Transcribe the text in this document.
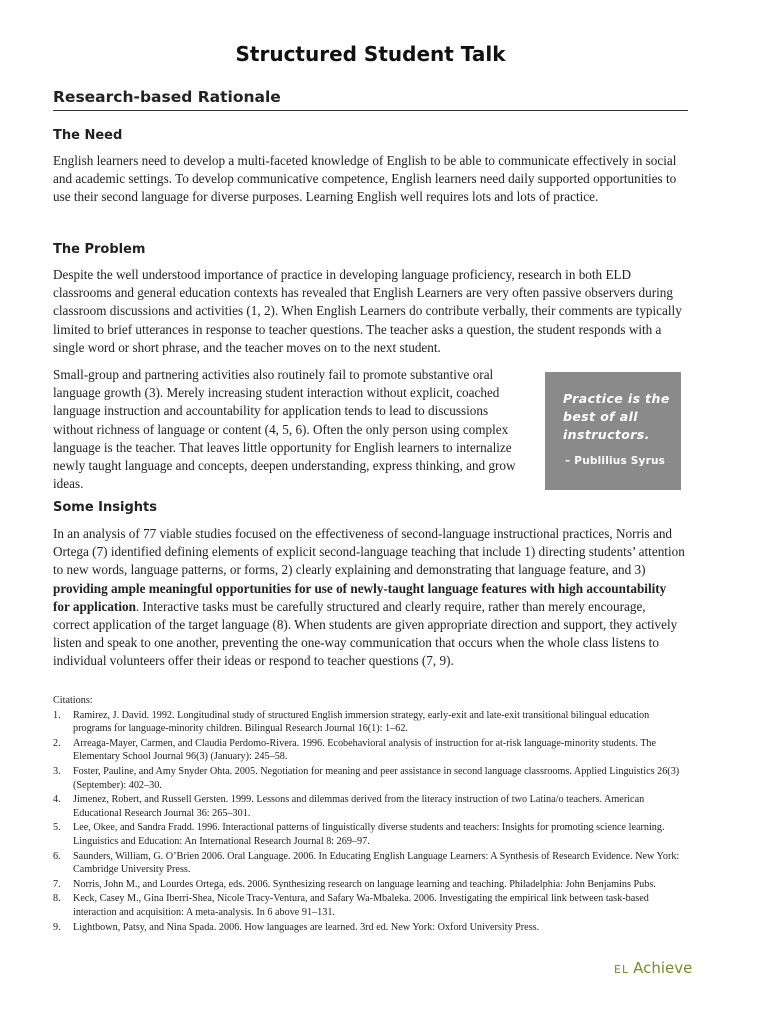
Structured Student Talk
Research-based Rationale
The Need

English learners need to develop a multi-faceted knowledge of English to be able to communicate effectively in social and academic settings. To develop communicative competence, English learners need daily supported opportunities to use their second language for diverse purposes. Learning English well requires lots and lots of practice.

The Problem

Despite the well understood importance of practice in developing language proficiency, research in both ELD classrooms and general education contexts has revealed that English Learners are very often passive observers during classroom discussions and activities (1, 2). When English Learners do contribute verbally, their comments are typically limited to brief utterances in response to teacher questions. The teacher asks a question, the student responds with a single word or short phrase, and the teacher moves on to the next student.

Small-group and partnering activities also routinely fail to promote substantive oral language growth (3). Merely increasing student interaction without explicit, coached language instruction and accountability for application tends to lead to discussions without richness of language or content (4, 5, 6). Often the only person using complex language is the teacher. That leaves little opportunity for English learners to internalize newly taught language and concepts, deepen understanding, express thinking, and grow ideas.

Practice is the best of all instructors.
– Publilius Syrus
Some Insights

In an analysis of 77 viable studies focused on the effectiveness of second-language instructional practices, Norris and Ortega (7) identified defining elements of explicit second-language teaching that include 1) directing students’ attention to new words, language patterns, or forms, 2) clearly explaining and demonstrating that language feature, and 3) providing ample meaningful opportunities for use of newly-taught language features with high accountability for application. Interactive tasks must be carefully structured and clearly require, rather than merely encourage, correct application of the target language (8). When students are given appropriate direction and support, they actively listen and speak to one another, preventing the one-way communication that occurs when the whole class listens to individual volunteers offer their ideas or respond to teacher questions (7, 9).

Citations:
1. Ramirez, J. David. 1992. Longitudinal study of structured English immersion strategy, early-exit and late-exit transitional bilingual education programs for language-minority children. Bilingual Research Journal 16(1): 1–62.
2. Arreaga-Mayer, Carmen, and Claudia Perdomo-Rivera. 1996. Ecobehavioral analysis of instruction for at-risk language-minority students. The Elementary School Journal 96(3) (January): 245–58.
3. Foster, Pauline, and Amy Snyder Ohta. 2005. Negotiation for meaning and peer assistance in second language classrooms. Applied Linguistics 26(3) (September): 402–30.
4. Jimenez, Robert, and Russell Gersten. 1999. Lessons and dilemmas derived from the literacy instruction of two Latina/o teachers. American Educational Research Journal 36: 265–301.
5. Lee, Okee, and Sandra Fradd. 1996. Interactional patterns of linguistically diverse students and teachers: Insights for promoting science learning. Linguistics and Education: An International Research Journal 8: 269–97.
6. Saunders, William, G. O’Brien 2006. Oral Language. 2006. In Educating English Language Learners: A Synthesis of Research Evidence. New York: Cambridge University Press.
7. Norris, John M., and Lourdes Ortega, eds. 2006. Synthesizing research on language learning and teaching. Philadelphia: John Benjamins Pubs.
8. Keck, Casey M., Gina Iberri-Shea, Nicole Tracy-Ventura, and Safary Wa-Mbaleka. 2006. Investigating the empirical link between task-based interaction and acquisition: A meta-analysis. In 6 above 91–131.
9. Lightbown, Patsy, and Nina Spada. 2006. How languages are learned. 3rd ed. New York: Oxford University Press.
EL Achieve
